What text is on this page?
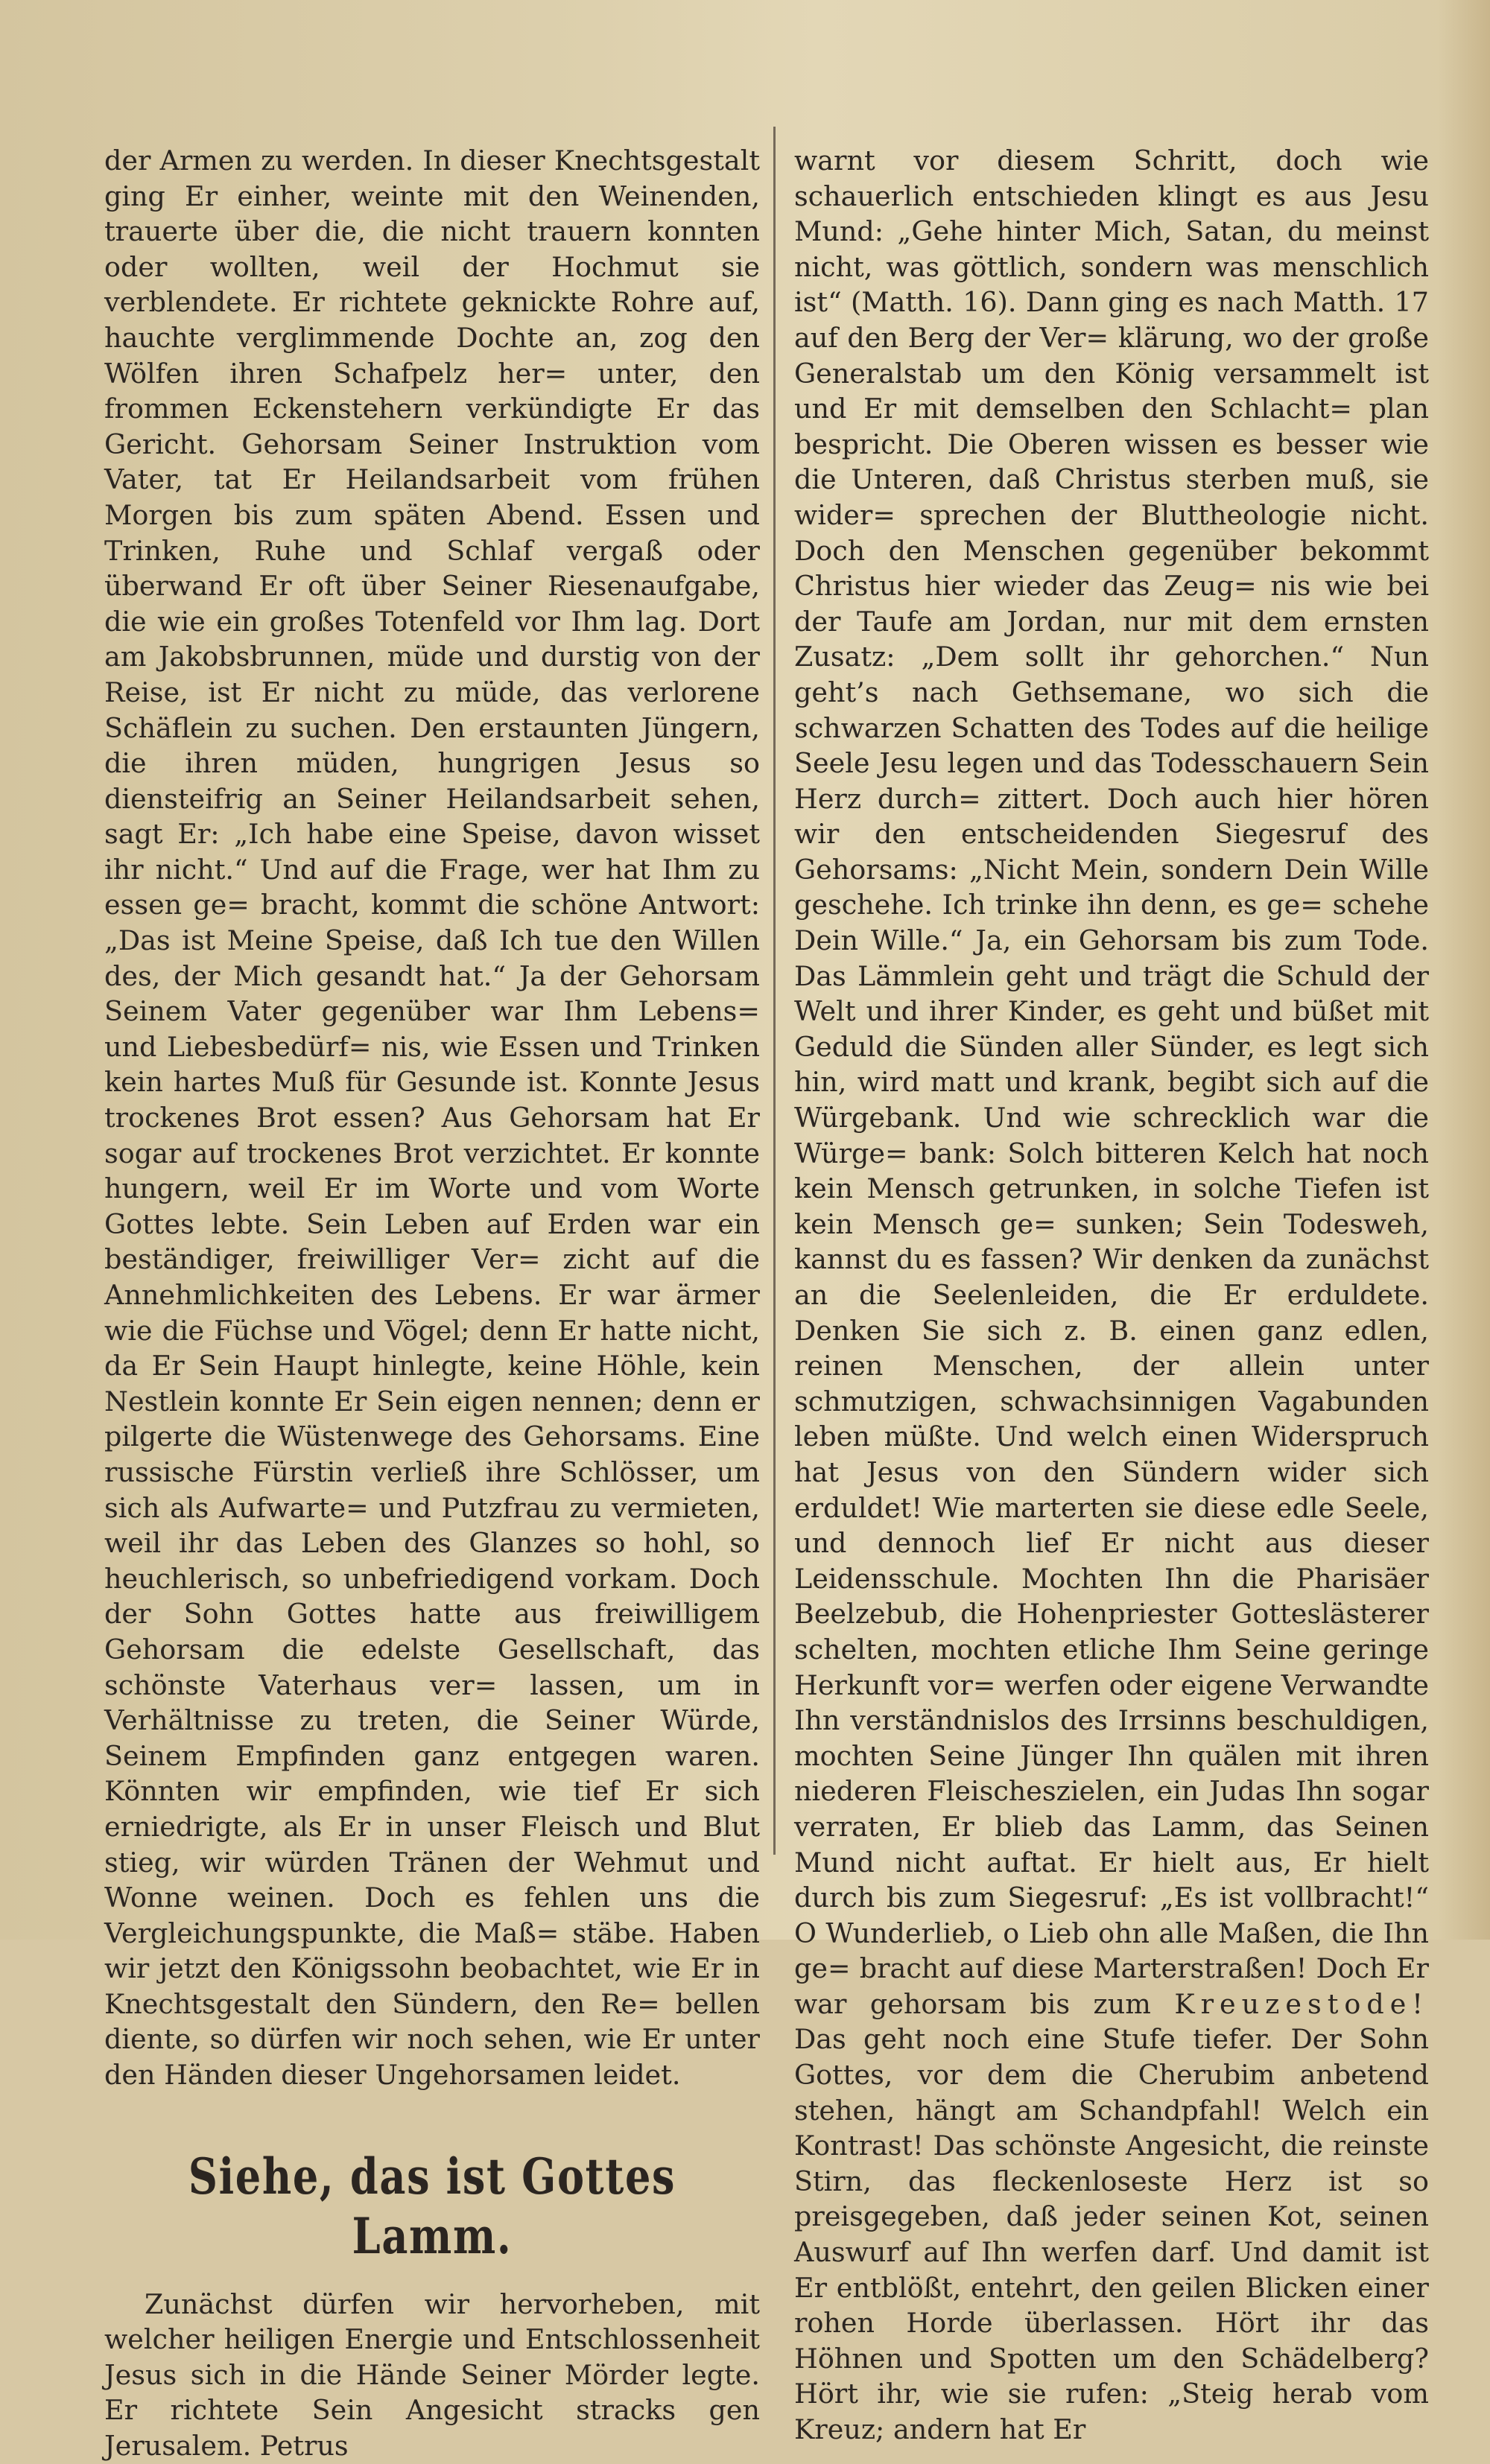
der Armen zu werden. In dieser Knechtsgestalt ging Er einher, weinte mit den Weinenden, trauerte über die, die nicht trauern konnten oder wollten, weil der Hochmut sie verblendete. Er richtete geknickte Rohre auf, hauchte verglimmende Dochte an, zog den Wölfen ihren Schafpelz her= unter, den frommen Eckenstehern verkündigte Er das Gericht. Gehorsam Seiner Instruktion vom Vater, tat Er Heilandsarbeit vom frühen Morgen bis zum späten Abend. Essen und Trinken, Ruhe und Schlaf vergaß oder überwand Er oft über Seiner Riesenaufgabe, die wie ein großes Totenfeld vor Ihm lag. Dort am Jakobsbrunnen, müde und durstig von der Reise, ist Er nicht zu müde, das verlorene Schäflein zu suchen. Den erstaunten Jüngern, die ihren müden, hungrigen Jesus so diensteifrig an Seiner Heilandsarbeit sehen, sagt Er: „Ich habe eine Speise, davon wisset ihr nicht.“ Und auf die Frage, wer hat Ihm zu essen ge= bracht, kommt die schöne Antwort: „Das ist Meine Speise, daß Ich tue den Willen des, der Mich gesandt hat.“ Ja der Gehorsam Seinem Vater gegenüber war Ihm Lebens= und Liebesbedürf= nis, wie Essen und Trinken kein hartes Muß für Gesunde ist. Konnte Jesus trockenes Brot essen? Aus Gehorsam hat Er sogar auf trockenes Brot verzichtet. Er konnte hungern, weil Er im Worte und vom Worte Gottes lebte. Sein Leben auf Erden war ein beständiger, freiwilliger Ver= zicht auf die Annehmlichkeiten des Lebens. Er war ärmer wie die Füchse und Vögel; denn Er hatte nicht, da Er Sein Haupt hinlegte, keine Höhle, kein Nestlein konnte Er Sein eigen nennen; denn er pilgerte die Wüstenwege des Gehorsams. Eine russische Fürstin verließ ihre Schlösser, um sich als Aufwarte= und Putzfrau zu vermieten, weil ihr das Leben des Glanzes so hohl, so heuchlerisch, so unbefriedigend vorkam. Doch der Sohn Gottes hatte aus freiwilligem Gehorsam die edelste Gesellschaft, das schönste Vaterhaus ver= lassen, um in Verhältnisse zu treten, die Seiner Würde, Seinem Empfinden ganz entgegen waren. Könnten wir empfinden, wie tief Er sich erniedrigte, als Er in unser Fleisch und Blut stieg, wir würden Tränen der Wehmut und Wonne weinen. Doch es fehlen uns die Vergleichungspunkte, die Maß= stäbe. Haben wir jetzt den Königssohn beobachtet, wie Er in Knechtsgestalt den Sündern, den Re= bellen diente, so dürfen wir noch sehen, wie Er unter den Händen dieser Ungehorsamen leidet.

Siehe, das ist Gottes Lamm.

Zunächst dürfen wir hervorheben, mit welcher heiligen Energie und Entschlossenheit Jesus sich in die Hände Seiner Mörder legte. Er richtete Sein Angesicht stracks gen Jerusalem. Petrus

warnt vor diesem Schritt, doch wie schauerlich entschieden klingt es aus Jesu Mund: „Gehe hinter Mich, Satan, du meinst nicht, was göttlich, sondern was menschlich ist“ (Matth. 16). Dann ging es nach Matth. 17 auf den Berg der Ver= klärung, wo der große Generalstab um den König versammelt ist und Er mit demselben den Schlacht= plan bespricht. Die Oberen wissen es besser wie die Unteren, daß Christus sterben muß, sie wider= sprechen der Bluttheologie nicht. Doch den Menschen gegenüber bekommt Christus hier wieder das Zeug= nis wie bei der Taufe am Jordan, nur mit dem ernsten Zusatz: „Dem sollt ihr gehorchen.“ Nun geht’s nach Gethsemane, wo sich die schwarzen Schatten des Todes auf die heilige Seele Jesu legen und das Todesschauern Sein Herz durch= zittert. Doch auch hier hören wir den entscheidenden Siegesruf des Gehorsams: „Nicht Mein, sondern Dein Wille geschehe. Ich trinke ihn denn, es ge= schehe Dein Wille.“ Ja, ein Gehorsam bis zum Tode. Das Lämmlein geht und trägt die Schuld der Welt und ihrer Kinder, es geht und büßet mit Geduld die Sünden aller Sünder, es legt sich hin, wird matt und krank, begibt sich auf die Würgebank. Und wie schrecklich war die Würge= bank: Solch bitteren Kelch hat noch kein Mensch getrunken, in solche Tiefen ist kein Mensch ge= sunken; Sein Todesweh, kannst du es fassen? Wir denken da zunächst an die Seelenleiden, die Er erduldete. Denken Sie sich z. B. einen ganz edlen, reinen Menschen, der allein unter schmutzigen, schwachsinnigen Vagabunden leben müßte. Und welch einen Widerspruch hat Jesus von den Sündern wider sich erduldet! Wie marterten sie diese edle Seele, und dennoch lief Er nicht aus dieser Leidensschule. Mochten Ihn die Pharisäer Beelzebub, die Hohenpriester Gotteslästerer schelten, mochten etliche Ihm Seine geringe Herkunft vor= werfen oder eigene Verwandte Ihn verständnislos des Irrsinns beschuldigen, mochten Seine Jünger Ihn quälen mit ihren niederen Fleischeszielen, ein Judas Ihn sogar verraten, Er blieb das Lamm, das Seinen Mund nicht auftat. Er hielt aus, Er hielt durch bis zum Siegesruf: „Es ist vollbracht!“ O Wunderlieb, o Lieb ohn alle Maßen, die Ihn ge= bracht auf diese Marterstraßen! Doch Er war gehorsam bis zum Kreuzestode! Das geht noch eine Stufe tiefer. Der Sohn Gottes, vor dem die Cherubim anbetend stehen, hängt am Schandpfahl! Welch ein Kontrast! Das schönste Angesicht, die reinste Stirn, das fleckenloseste Herz ist so preisgegeben, daß jeder seinen Kot, seinen Auswurf auf Ihn werfen darf. Und damit ist Er entblößt, entehrt, den geilen Blicken einer rohen Horde überlassen. Hört ihr das Höhnen und Spotten um den Schädelberg? Hört ihr, wie sie rufen: „Steig herab vom Kreuz; andern hat Er
